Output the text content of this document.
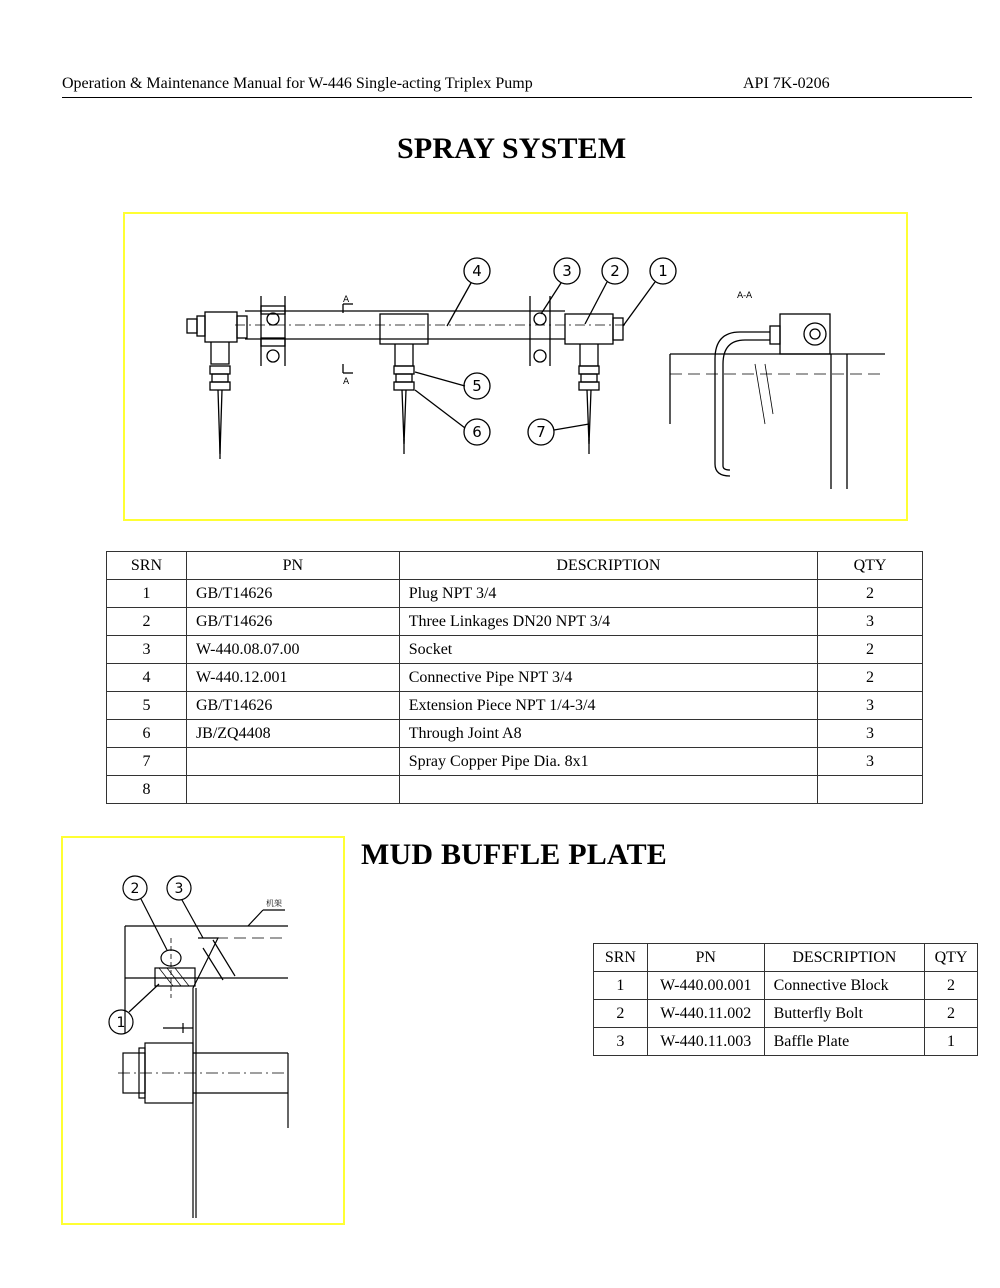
Operation & Maintenance Manual for W-446 Single-acting Triplex Pump	API 7K-0206
SPRAY SYSTEM
1
2
3
4
5
6	7
A
A
A-A
SRN	PN	DESCRIPTION	QTY
1	GB/T14626	Plug NPT 3/4	2
2	GB/T14626	Three Linkages DN20 NPT 3/4	3
3	W-440.08.07.00	Socket	2
4	W-440.12.001	Connective Pipe NPT 3/4	2
5	GB/T14626	Extension Piece NPT 1/4-3/4	3
6	JB/ZQ4408	Through Joint A8	3
7		Spray Copper Pipe Dia. 8x1	3
8			
1
2	3
机架
MUD BUFFLE PLATE
SRN	PN	DESCRIPTION	QTY
1	W-440.00.001	Connective Block	2
2	W-440.11.002	Butterfly Bolt	2
3	W-440.11.003	Baffle Plate	1
